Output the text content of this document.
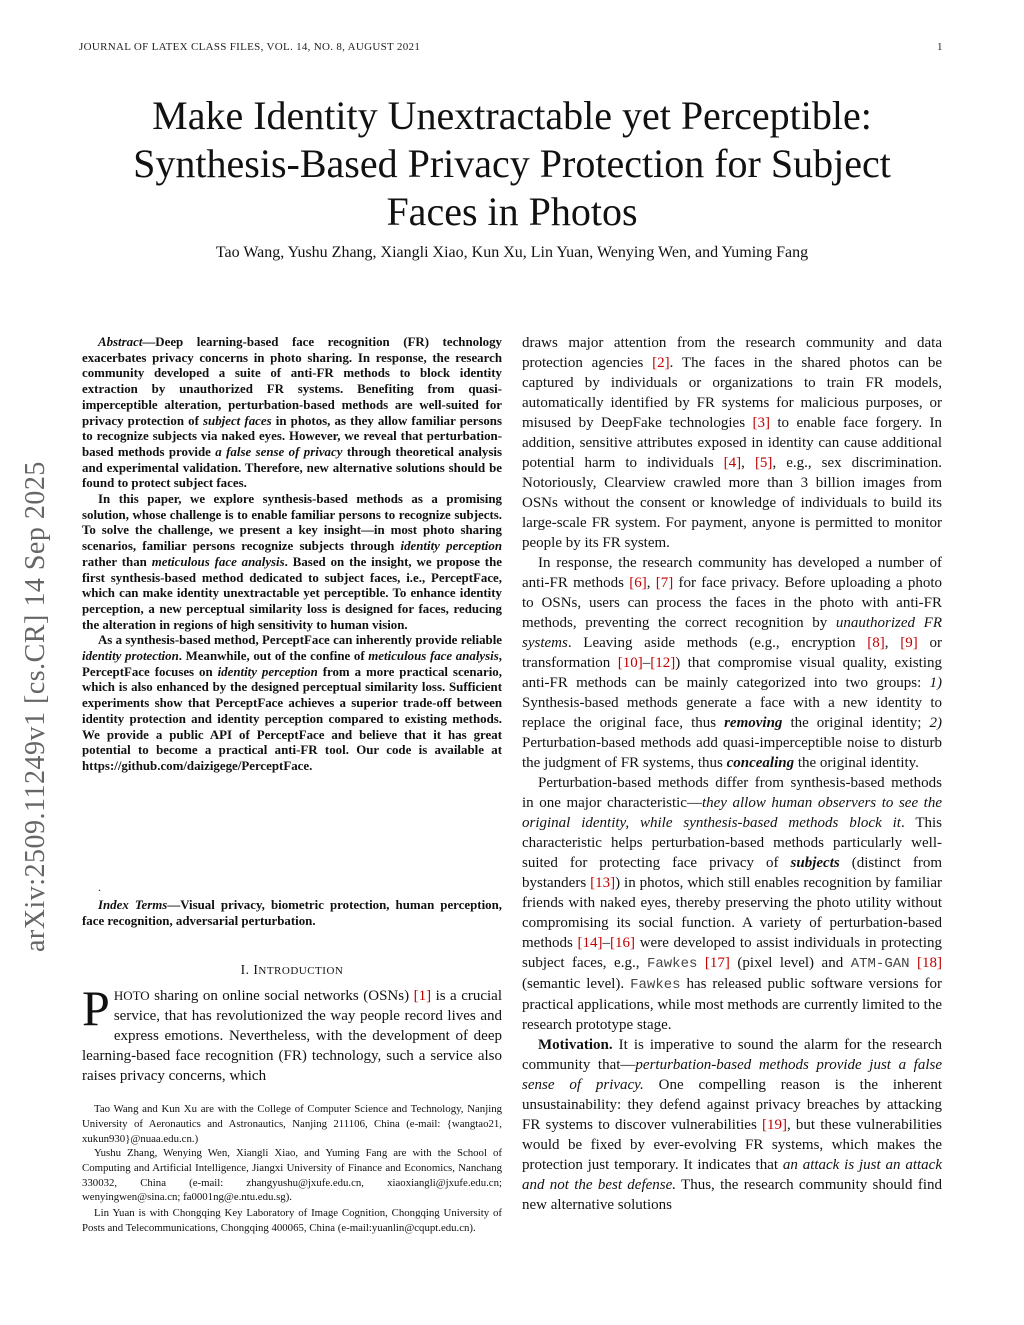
JOURNAL OF LATEX CLASS FILES, VOL. 14, NO. 8, AUGUST 2021	1
arXiv:2509.11249v1 [cs.CR] 14 Sep 2025
Make Identity Unextractable yet Perceptible: Synthesis-Based Privacy Protection for Subject Faces in Photos
Tao Wang, Yushu Zhang, Xiangli Xiao, Kun Xu, Lin Yuan, Wenying Wen, and Yuming Fang

Abstract—Deep learning-based face recognition (FR) technology exacerbates privacy concerns in photo sharing. In response, the research community developed a suite of anti-FR methods to block identity extraction by unauthorized FR systems. Benefiting from quasi-imperceptible alteration, perturbation-based methods are well-suited for privacy protection of subject faces in photos, as they allow familiar persons to recognize subjects via naked eyes. However, we reveal that perturbation-based methods provide a false sense of privacy through theoretical analysis and experimental validation. Therefore, new alternative solutions should be found to protect subject faces.

In this paper, we explore synthesis-based methods as a promising solution, whose challenge is to enable familiar persons to recognize subjects. To solve the challenge, we present a key insight—in most photo sharing scenarios, familiar persons recognize subjects through identity perception rather than meticulous face analysis. Based on the insight, we propose the first synthesis-based method dedicated to subject faces, i.e., PerceptFace, which can make identity unextractable yet perceptible. To enhance identity perception, a new perceptual similarity loss is designed for faces, reducing the alteration in regions of high sensitivity to human vision.

As a synthesis-based method, PerceptFace can inherently provide reliable identity protection. Meanwhile, out of the confine of meticulous face analysis, PerceptFace focuses on identity perception from a more practical scenario, which is also enhanced by the designed perceptual similarity loss. Sufficient experiments show that PerceptFace achieves a superior trade-off between identity protection and identity perception compared to existing methods. We provide a public API of PerceptFace and believe that it has great potential to become a practical anti-FR tool. Our code is available at https://github.com/daizigege/PerceptFace.

.
Index Terms—Visual privacy, biometric protection, human perception, face recognition, adversarial perturbation.
I. INTRODUCTION
PHOTO sharing on online social networks (OSNs) [1] is a crucial service, that has revolutionized the way people record lives and express emotions. Nevertheless, with the development of deep learning-based face recognition (FR) technology, such a service also raises privacy concerns, which
Tao Wang and Kun Xu are with the College of Computer Science and Technology, Nanjing University of Aeronautics and Astronautics, Nanjing 211106, China (e-mail: {wangtao21, xukun930}@nuaa.edu.cn.)
Yushu Zhang, Wenying Wen, Xiangli Xiao, and Yuming Fang are with the School of Computing and Artificial Intelligence, Jiangxi University of Finance and Economics, Nanchang 330032, China (e-mail: zhangyushu@jxufe.edu.cn, xiaoxiangli@jxufe.edu.cn; wenyingwen@sina.cn; fa0001ng@e.ntu.edu.sg).
Lin Yuan is with Chongqing Key Laboratory of Image Cognition, Chongqing University of Posts and Telecommunications, Chongqing 400065, China (e-mail:yuanlin@cqupt.edu.cn).

draws major attention from the research community and data protection agencies [2]. The faces in the shared photos can be captured by individuals or organizations to train FR models, automatically identified by FR systems for malicious purposes, or misused by DeepFake technologies [3] to enable face forgery. In addition, sensitive attributes exposed in identity can cause additional potential harm to individuals [4], [5], e.g., sex discrimination. Notoriously, Clearview crawled more than 3 billion images from OSNs without the consent or knowledge of individuals to build its large-scale FR system. For payment, anyone is permitted to monitor people by its FR system.

In response, the research community has developed a number of anti-FR methods [6], [7] for face privacy. Before uploading a photo to OSNs, users can process the faces in the photo with anti-FR methods, preventing the correct recognition by unauthorized FR systems. Leaving aside methods (e.g., encryption [8], [9] or transformation [10]–[12]) that compromise visual quality, existing anti-FR methods can be mainly categorized into two groups: 1) Synthesis-based methods generate a face with a new identity to replace the original face, thus removing the original identity; 2) Perturbation-based methods add quasi-imperceptible noise to disturb the judgment of FR systems, thus concealing the original identity.

Perturbation-based methods differ from synthesis-based methods in one major characteristic—they allow human observers to see the original identity, while synthesis-based methods block it. This characteristic helps perturbation-based methods particularly well-suited for protecting face privacy of subjects (distinct from bystanders [13]) in photos, which still enables recognition by familiar friends with naked eyes, thereby preserving the photo utility without compromising its social function. A variety of perturbation-based methods [14]–[16] were developed to assist individuals in protecting subject faces, e.g., Fawkes [17] (pixel level) and ATM-GAN [18] (semantic level). Fawkes has released public software versions for practical applications, while most methods are currently limited to the research prototype stage.

Motivation. It is imperative to sound the alarm for the research community that—perturbation-based methods provide just a false sense of privacy. One compelling reason is the inherent unsustainability: they defend against privacy breaches by attacking FR systems to discover vulnerabilities [19], but these vulnerabilities would be fixed by ever-evolving FR systems, which makes the protection just temporary. It indicates that an attack is just an attack and not the best defense. Thus, the research community should find new alternative solutions
